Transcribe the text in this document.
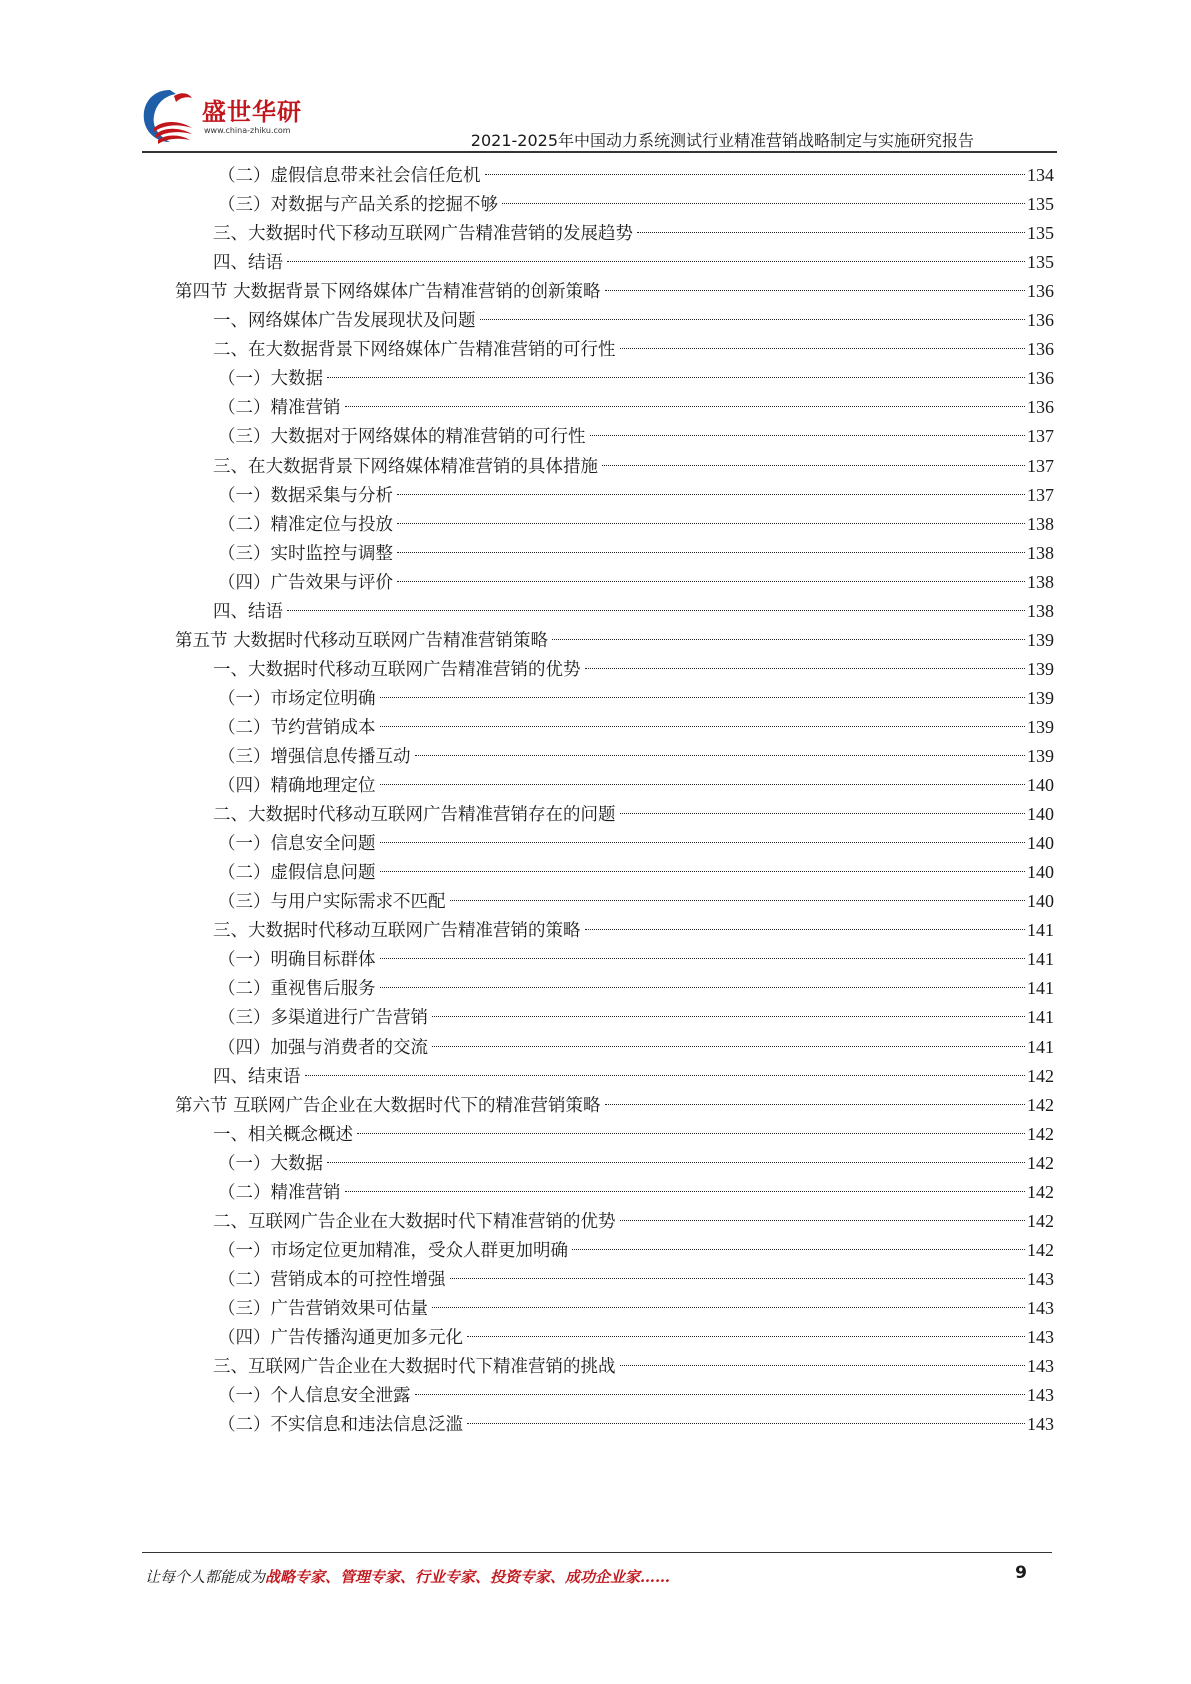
盛世华研
www.china-zhiku.com
2021-2025年中国动力系统测试行业精准营销战略制定与实施研究报告
（二）虚假信息带来社会信任危机	134
（三）对数据与产品关系的挖掘不够	135
三、大数据时代下移动互联网广告精准营销的发展趋势	135
四、结语	135
第四节 大数据背景下网络媒体广告精准营销的创新策略	136
一、网络媒体广告发展现状及问题	136
二、在大数据背景下网络媒体广告精准营销的可行性	136
（一）大数据	136
（二）精准营销	136
（三）大数据对于网络媒体的精准营销的可行性	137
三、在大数据背景下网络媒体精准营销的具体措施	137
（一）数据采集与分析	137
（二）精准定位与投放	138
（三）实时监控与调整	138
（四）广告效果与评价	138
四、结语	138
第五节 大数据时代移动互联网广告精准营销策略	139
一、大数据时代移动互联网广告精准营销的优势	139
（一）市场定位明确	139
（二）节约营销成本	139
（三）增强信息传播互动	139
（四）精确地理定位	140
二、大数据时代移动互联网广告精准营销存在的问题	140
（一）信息安全问题	140
（二）虚假信息问题	140
（三）与用户实际需求不匹配	140
三、大数据时代移动互联网广告精准营销的策略	141
（一）明确目标群体	141
（二）重视售后服务	141
（三）多渠道进行广告营销	141
（四）加强与消费者的交流	141
四、结束语	142
第六节 互联网广告企业在大数据时代下的精准营销策略	142
一、相关概念概述	142
（一）大数据	142
（二）精准营销	142
二、互联网广告企业在大数据时代下精准营销的优势	142
（一）市场定位更加精准，受众人群更加明确	142
（二）营销成本的可控性增强	143
（三）广告营销效果可估量	143
（四）广告传播沟通更加多元化	143
三、互联网广告企业在大数据时代下精准营销的挑战	143
（一）个人信息安全泄露	143
（二）不实信息和违法信息泛滥	143
让每个人都能成为战略专家、管理专家、行业专家、投资专家、成功企业家……	9
